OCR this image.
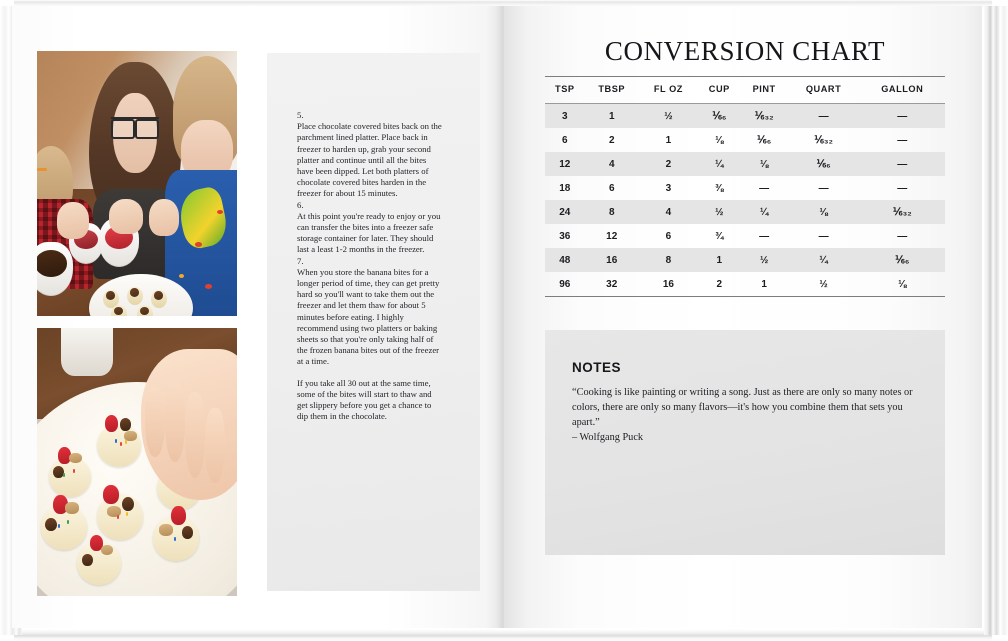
5.

Place chocolate covered bites back on the parchment lined platter. Place back in freezer to harden up, grab your second platter and continue until all the bites have been dipped. Let both platters of chocolate covered bites harden in the freezer for about 15 minutes.

6.

At this point you're ready to enjoy or you can transfer the bites into a freezer safe storage container for later. They should last a least 1-2 months in the freezer.

7.

When you store the banana bites for a longer period of time, they can get pretty hard so you'll want to take them out the freezer and let them thaw for about 5 minutes before eating. I highly recommend using two platters or baking sheets so that you're only taking half of the frozen banana bites out of the freezer at a time.

If you take all 30 out at the same time, some of the bites will start to thaw and get slippery before you get a chance to dip them in the chocolate.

CONVERSION CHART
TSP	TBSP	FL OZ	CUP	PINT	QUART	GALLON
3	1	½	⅙₆	⅙₃₂	—	—
6	2	1	⅛	⅙₆	⅙₃₂	—
12	4	2	¼	⅛	⅙₆	—
18	6	3	⅜	—	—	—
24	8	4	½	¼	⅛	⅙₃₂
36	12	6	¾	—	—	—
48	16	8	1	½	¼	⅙₆
96	32	16	2	1	½	⅛
NOTES

“Cooking is like painting or writing a song. Just as there are only so many notes or colors, there are only so many flavors—it's how you combine them that sets you apart.”

– Wolfgang Puck
